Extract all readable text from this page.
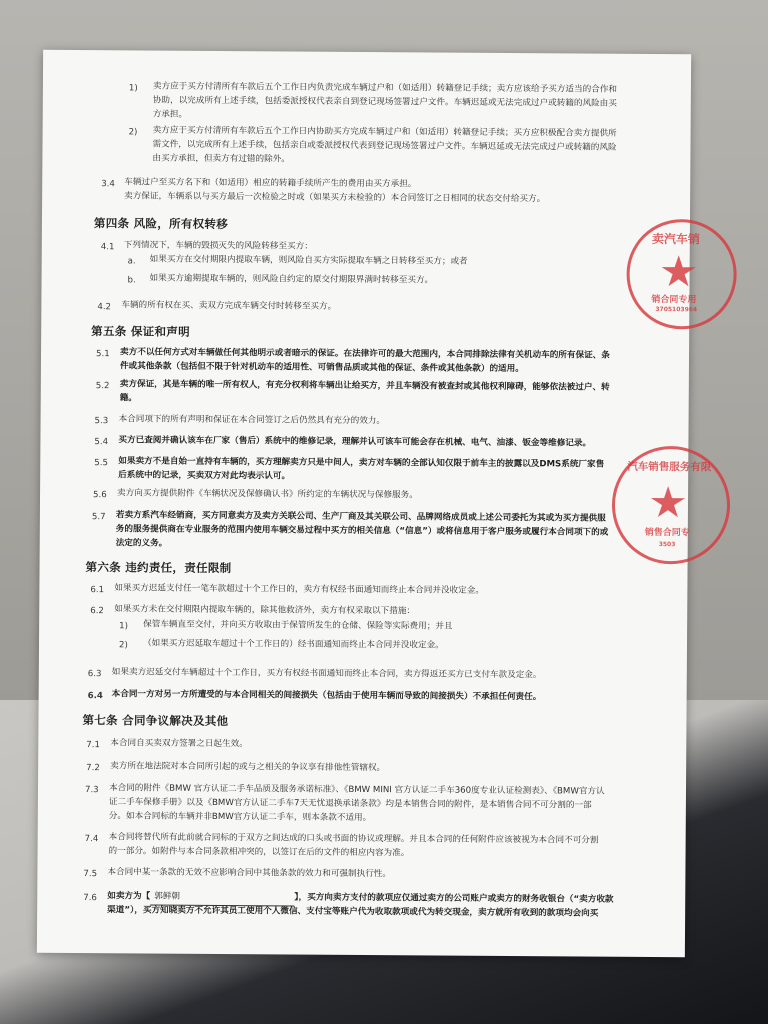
1) 卖方应于买方付清所有车款后五个工作日内负责完成车辆过户和（如适用）转籍登记手续；卖方应该给予买方适当的合作和
协助，以完成所有上述手续，包括委派授权代表亲自到登记现场签署过户文件。车辆迟延或无法完成过户或转籍的风险由买
方承担。
2) 卖方应于买方付清所有车款后五个工作日内协助买方完成车辆过户和（如适用）转籍登记手续；买方应积极配合卖方提供所
需文件，以完成所有上述手续，包括亲自或委派授权代表到登记现场签署过户文件。车辆迟延或无法完成过户或转籍的风险
由买方承担，但卖方有过错的除外。
3.4 车辆过户至买方名下和（如适用）相应的转籍手续所产生的费用由买方承担。
卖方保证，车辆系以与买方最后一次检验之时或（如果买方未检验的）本合同签订之日相同的状态交付给买方。
第四条 风险，所有权转移
4.1 下列情况下，车辆的毁损灭失的风险转移至买方：
a. 如果买方在交付期限内提取车辆，则风险自买方实际提取车辆之日转移至买方；或者
b. 如果买方逾期提取车辆的，则风险自约定的原交付期限界满时转移至买方。
4.2 车辆的所有权在买、卖双方完成车辆交付时转移至买方。
第五条 保证和声明
5.1 卖方不以任何方式对车辆做任何其他明示或者暗示的保证。在法律许可的最大范围内，本合同排除法律有关机动车的所有保证、条
件或其他条款（包括但不限于针对机动车的适用性、可销售品质或其他的保证、条件或其他条款）的适用。
5.2 卖方保证，其是车辆的唯一所有权人，有充分权利将车辆出让给买方，并且车辆没有被查封或其他权利障碍，能够依法被过户、转
籍。
5.3 本合同项下的所有声明和保证在本合同签订之后仍然具有充分的效力。
5.4 买方已查阅并确认该车在厂家（售后）系统中的维修记录，理解并认可该车可能会存在机械、电气、油漆、钣金等维修记录。
5.5 如果卖方不是自始一直持有车辆的，买方理解卖方只是中间人，卖方对车辆的全部认知仅限于前车主的披露以及DMS系统厂家售
后系统中的记录，买卖双方对此均表示认可。
5.6 卖方向买方提供附件《车辆状况及保修确认书》所约定的车辆状况与保修服务。
5.7 若卖方系汽车经销商，买方同意卖方及卖方关联公司、生产厂商及其关联公司、品牌网络成员或上述公司委托为其或为买方提供服
务的服务提供商在专业服务的范围内使用车辆交易过程中买方的相关信息（“信息”）或将信息用于客户服务或履行本合同项下的或
法定的义务。
第六条 违约责任，责任限制
6.1 如果买方迟延支付任一笔车款超过十个工作日的，卖方有权经书面通知而终止本合同并没收定金。
6.2 如果买方未在交付期限内提取车辆的，除其他救济外，卖方有权采取以下措施：
1) 保管车辆直至交付，并向买方收取由于保管所发生的仓储、保险等实际费用；并且
2) （如果买方迟延取车超过十个工作日的）经书面通知而终止本合同并没收定金。
6.3 如果卖方迟延交付车辆超过十个工作日，买方有权经书面通知而终止本合同，卖方得返还买方已支付车款及定金。
6.4 本合同一方对另一方所遭受的与本合同相关的间接损失（包括由于使用车辆而导致的间接损失）不承担任何责任。
第七条 合同争议解决及其他
7.1 本合同自买卖双方签署之日起生效。
7.2 卖方所在地法院对本合同所引起的或与之相关的争议享有排他性管辖权。
7.3 本合同的附件《BMW 官方认证二手车品质及服务承诺标准》、《BMW MINI 官方认证二手车360度专业认证检测表》、《BMW官方认
证二手车保修手册》以及《BMW官方认证二手车7天无忧退换承诺条款》均是本销售合同的附件，是本销售合同不可分割的一部
分。如本合同标的车辆并非BMW官方认证二手车，则本条款不适用。
7.4 本合同将替代所有此前就合同标的于双方之间达成的口头或书面的协议或理解。并且本合同的任何附件应该被视为本合同不可分割
的一部分。如附件与本合同条款相冲突的，以签订在后的文件的相应内容为准。
7.5 本合同中某一条款的无效不应影响合同中其他条款的效力和可强制执行性。
7.6 如卖方为【 郭鲜朝	】，买方向卖方支付的款项应仅通过卖方的公司账户或卖方的财务收银台（“卖方收款
渠道”），买方知晓卖方不允许其员工使用个人微信、支付宝等账户代为收取款项或代为转交现金，卖方就所有收到的款项均会向买
卖汽车销
销合同专用
3705103964
汽车销售服务有限
销售合同专
3503
